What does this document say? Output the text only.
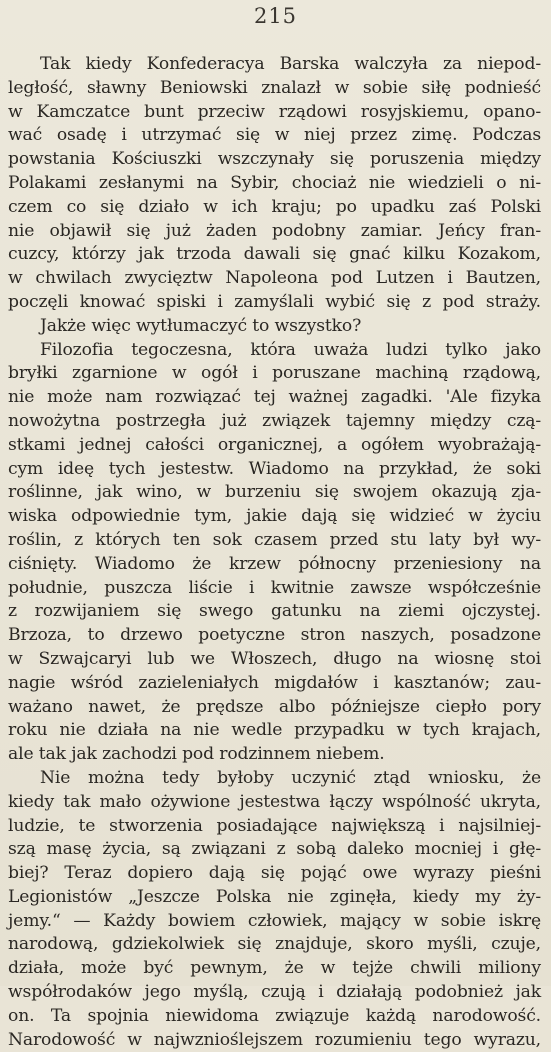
215
Tak kiedy Konfederacya Barska walczyła za niepod-
ległość, sławny Beniowski znalazł w sobie siłę podnieść
w Kamczatce bunt przeciw rządowi rosyjskiemu, opano-
wać osadę i utrzymać się w niej przez zimę. Podczas
powstania Kościuszki wszczynały się poruszenia między
Polakami zesłanymi na Sybir, chociaż nie wiedzieli o ni-
czem co się działo w ich kraju; po upadku zaś Polski
nie objawił się już żaden podobny zamiar. Jeńcy fran-
cuzcy, którzy jak trzoda dawali się gnać kilku Kozakom,
w chwilach zwycięztw Napoleona pod Lutzen i Bautzen,
poczęli knować spiski i zamyślali wybić się z pod straży.
Jakże więc wytłumaczyć to wszystko?
Filozofia tegoczesna, która uważa ludzi tylko jako
bryłki zgarnione w ogół i poruszane machiną rządową,
nie może nam rozwiązać tej ważnej zagadki. 'Ale fizyka
nowożytna postrzegła już związek tajemny między czą-
stkami jednej całości organicznej, a ogółem wyobrażają-
cym ideę tych jestestw. Wiadomo na przykład, że soki
roślinne, jak wino, w burzeniu się swojem okazują zja-
wiska odpowiednie tym, jakie dają się widzieć w życiu
roślin, z których ten sok czasem przed stu laty był wy-
ciśnięty. Wiadomo że krzew północny przeniesiony na
południe, puszcza liście i kwitnie zawsze współcześnie
z rozwijaniem się swego gatunku na ziemi ojczystej.
Brzoza, to drzewo poetyczne stron naszych, posadzone
w Szwajcaryi lub we Włoszech, długo na wiosnę stoi
nagie wśród zazieleniałych migdałów i kasztanów; zau-
ważano nawet, że prędsze albo późniejsze ciepło pory
roku nie działa na nie wedle przypadku w tych krajach,
ale tak jak zachodzi pod rodzinnem niebem.
Nie można tedy byłoby uczynić ztąd wniosku, że
kiedy tak mało ożywione jestestwa łączy wspólność ukryta,
ludzie, te stworzenia posiadające największą i najsilniej-
szą masę życia, są związani z sobą daleko mocniej i głę-
biej? Teraz dopiero dają się pojąć owe wyrazy pieśni
Legionistów „Jeszcze Polska nie zginęła, kiedy my ży-
jemy.“ — Każdy bowiem człowiek, mający w sobie iskrę
narodową, gdziekolwiek się znajduje, skoro myśli, czuje,
działa, może być pewnym, że w tejże chwili miliony
współrodaków jego myślą, czują i działają podobnież jak
on. Ta spojnia niewidoma związuje każdą narodowość.
Narodowość w najwznioślejszem rozumieniu tego wyrazu,
